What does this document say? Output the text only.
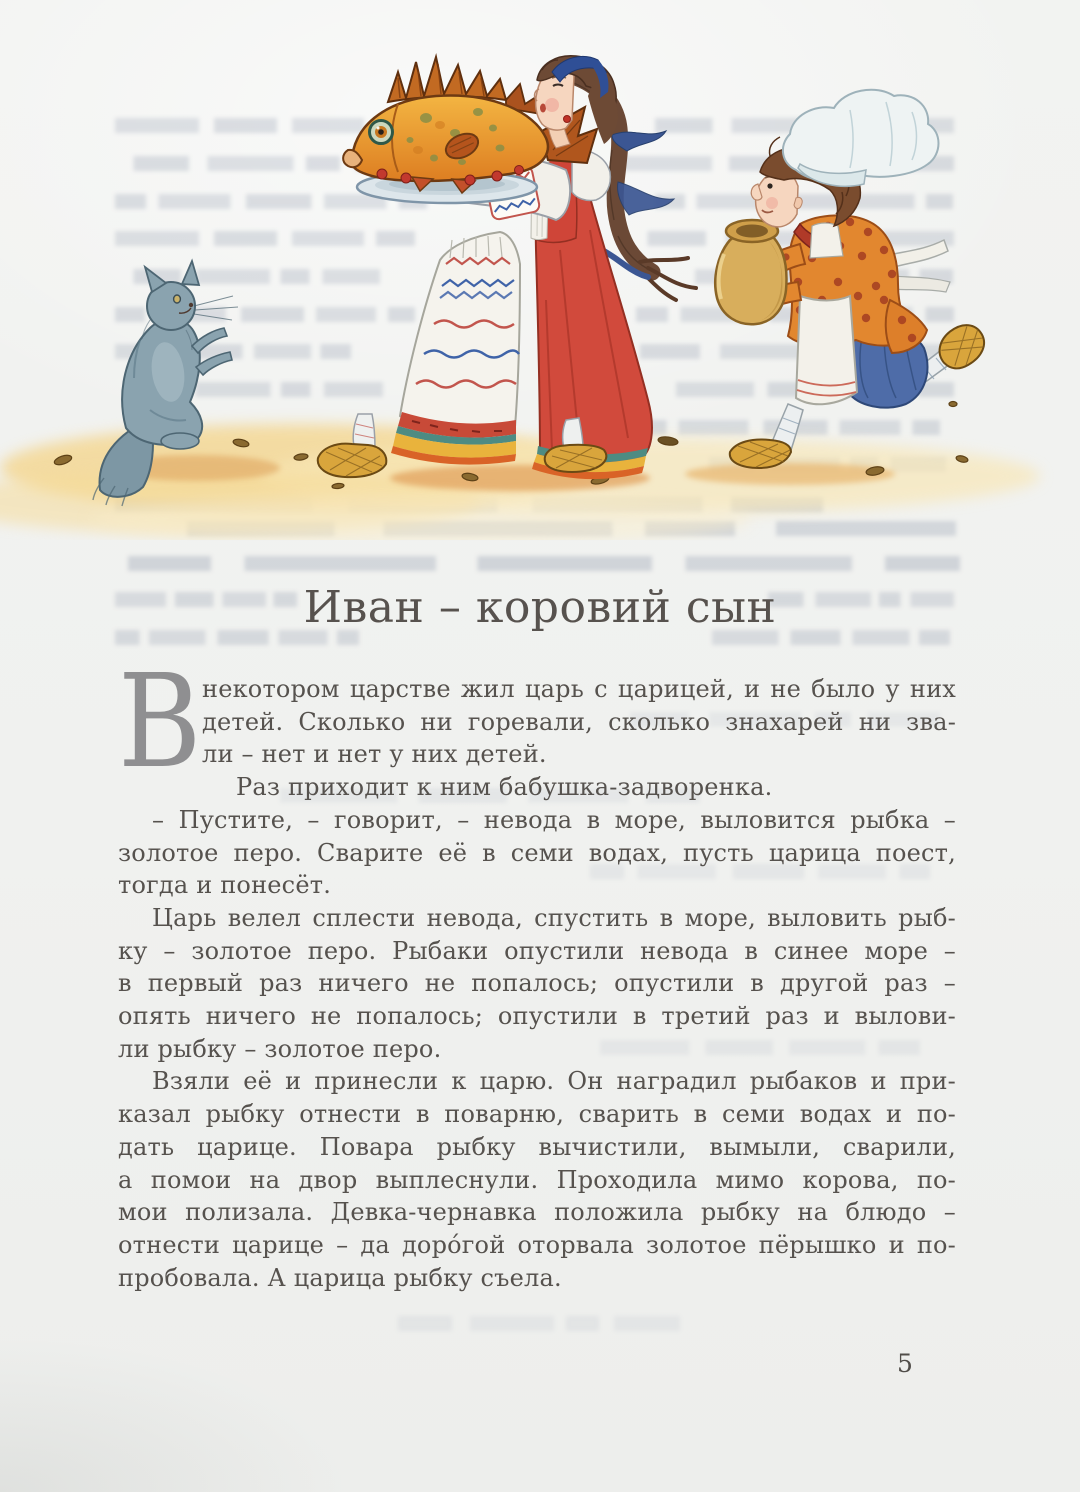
Иван – коровий сын
В некотором царстве жил царь с царицей, и не было у них
детей. Сколько ни горевали, сколько знахарей ни зва-
ли – нет и нет у них детей.
Раз приходит к ним бабушка-задворенка.
– Пустите, – говорит, – невода в море, выловится рыбка –
золотое перо. Сварите её в семи водах, пусть царица поест,
тогда и понесёт.
Царь велел сплести невода, спустить в море, выловить рыб-
ку – золотое перо. Рыбаки опустили невода в синее море –
в первый раз ничего не попалось; опустили в другой раз –
опять ничего не попалось; опустили в третий раз и вылови-
ли рыбку – золотое перо.
Взяли её и принесли к царю. Он наградил рыбаков и при-
казал рыбку отнести в поварню, сварить в семи водах и по-
дать царице. Повара рыбку вычистили, вымыли, сварили,
а помои на двор выплеснули. Проходила мимо корова, по-
мои полизала. Девка-чернавка положила рыбку на блюдо –
отнести царице – да доро́гой оторвала золотое пёрышко и по-
пробовала. А царица рыбку съела.
5
